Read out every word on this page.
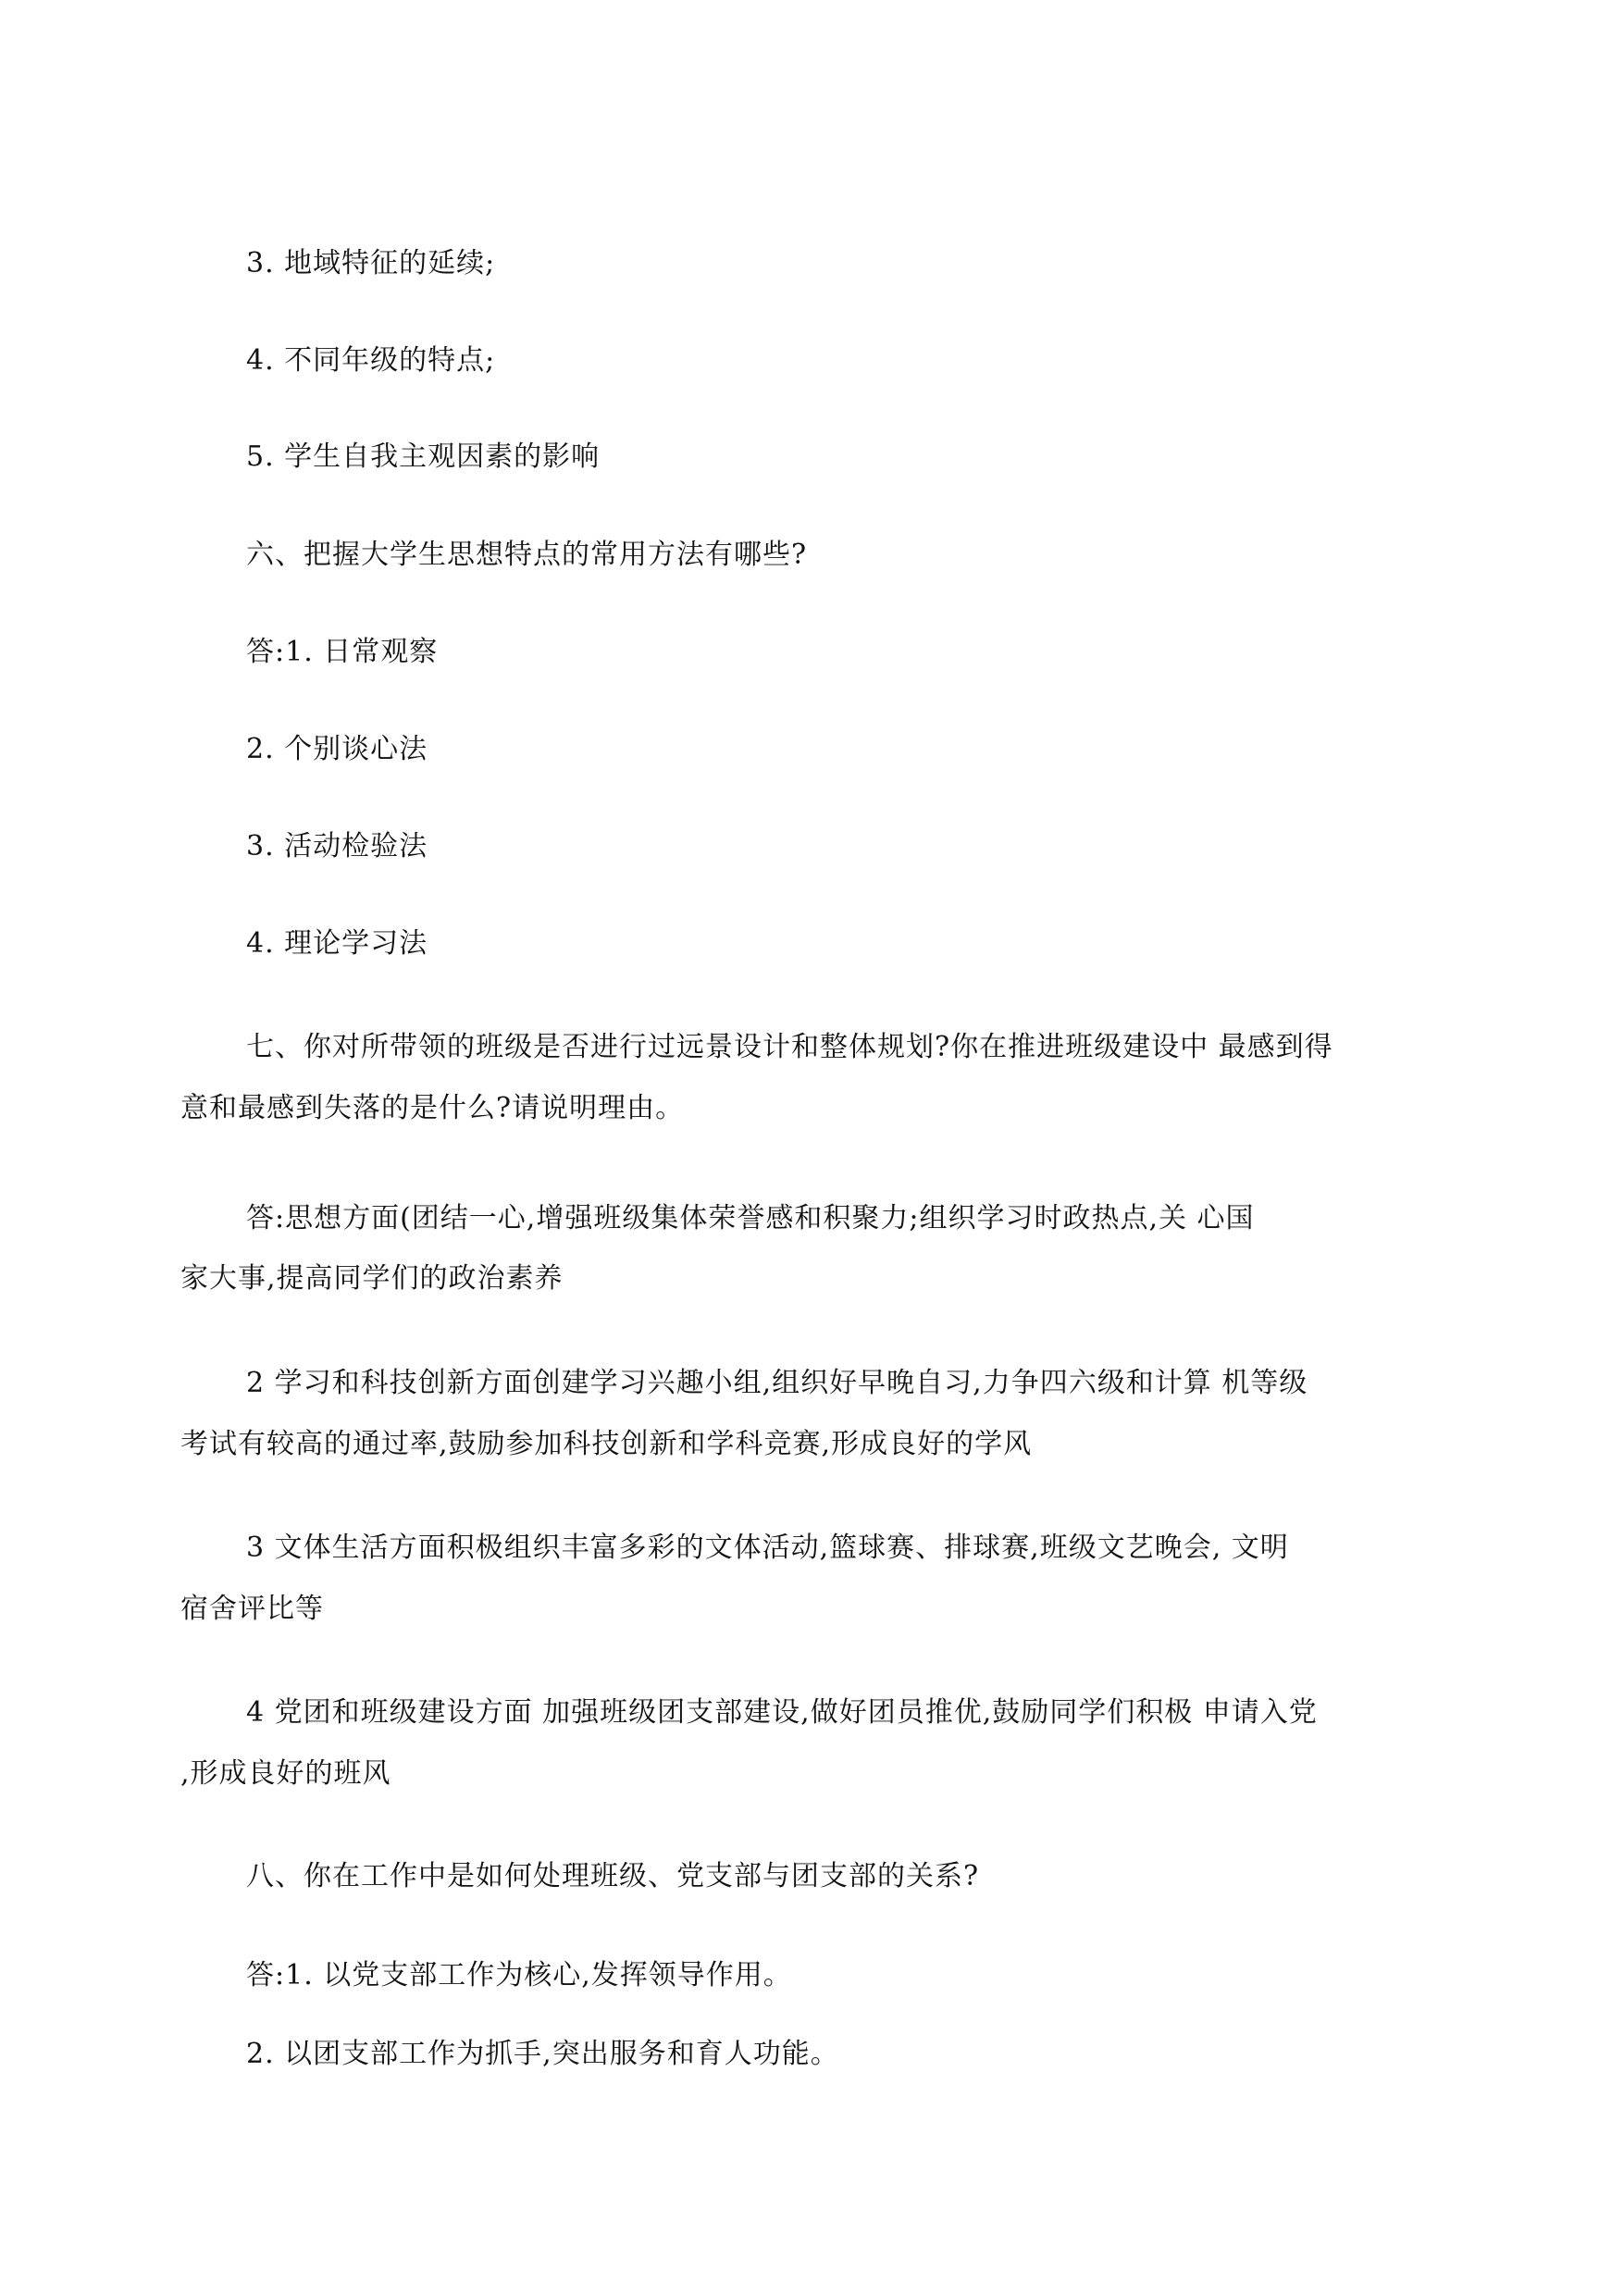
3. 地域特征的延续;
4. 不同年级的特点;
5. 学生自我主观因素的影响
六、把握大学生思想特点的常用方法有哪些?
答:1. 日常观察
2. 个别谈心法
3. 活动检验法
4. 理论学习法
七、你对所带领的班级是否进行过远景设计和整体规划?你在推进班级建设中 最感到得
意和最感到失落的是什么?请说明理由。
答:思想方面(团结一心,增强班级集体荣誉感和积聚力;组织学习时政热点,关 心国
家大事,提高同学们的政治素养
2 学习和科技创新方面创建学习兴趣小组,组织好早晚自习,力争四六级和计算 机等级
考试有较高的通过率,鼓励参加科技创新和学科竞赛,形成良好的学风
3 文体生活方面积极组织丰富多彩的文体活动,篮球赛、排球赛,班级文艺晚会, 文明
宿舍评比等
4 党团和班级建设方面 加强班级团支部建设,做好团员推优,鼓励同学们积极 申请入党
,形成良好的班风
八、你在工作中是如何处理班级、党支部与团支部的关系?
答:1. 以党支部工作为核心,发挥领导作用。
2. 以团支部工作为抓手,突出服务和育人功能。
